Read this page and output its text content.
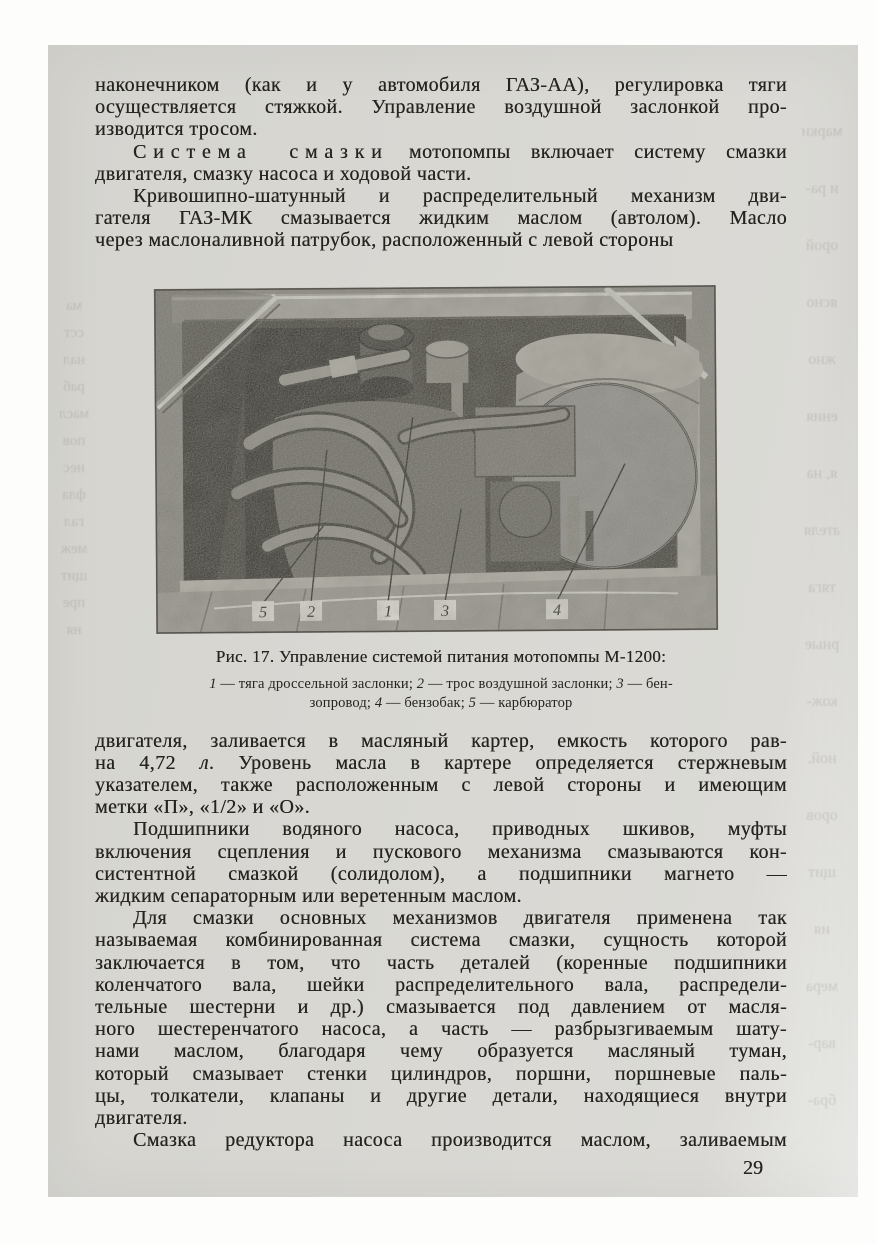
ма
сст
нал
раб
масл
пов
нес
фла
гал
меж
щит
пре
ня
марки
и ра-
орой
ясно
жно
ения
я, на
ателя
тяга
рные
кож-
ной.
оров
щит
ия
мера
вар-
бра-
наконечником (как и у автомобиля ГАЗ-АА), регулировка тяги
осуществляется стяжкой. Управление воздушной заслонкой про-
изводится тросом.
Система смазки мотопомпы включает систему смазки
двигателя, смазку насоса и ходовой части.
Кривошипно-шатунный и распределительный механизм дви-
гателя ГАЗ-МК смазывается жидким маслом (автолом). Масло
через маслоналивной патрубок, расположенный с левой стороны
Рис. 17. Управление системой питания мотопомпы М-1200:
1 — тяга дроссельной заслонки; 2 — трос воздушной заслонки; 3 — бен-
зопровод; 4 — бензобак; 5 — карбюратор
двигателя, заливается в масляный картер, емкость которого рав-
на 4,72 л. Уровень масла в картере определяется стержневым
указателем, также расположенным с левой стороны и имеющим
метки «П», «1/2» и «О».
Подшипники водяного насоса, приводных шкивов, муфты
включения сцепления и пускового механизма смазываются кон-
систентной смазкой (солидолом), а подшипники магнето —
жидким сепараторным или веретенным маслом.
Для смазки основных механизмов двигателя применена так
называемая комбинированная система смазки, сущность которой
заключается в том, что часть деталей (коренные подшипники
коленчатого вала, шейки распределительного вала, распредели-
тельные шестерни и др.) смазывается под давлением от масля-
ного шестеренчатого насоса, а часть — разбрызгиваемым шату-
нами маслом, благодаря чему образуется масляный туман,
который смазывает стенки цилиндров, поршни, поршневые паль-
цы, толкатели, клапаны и другие детали, находящиеся внутри
двигателя.
Смазка редуктора насоса производится маслом, заливаемым
29
